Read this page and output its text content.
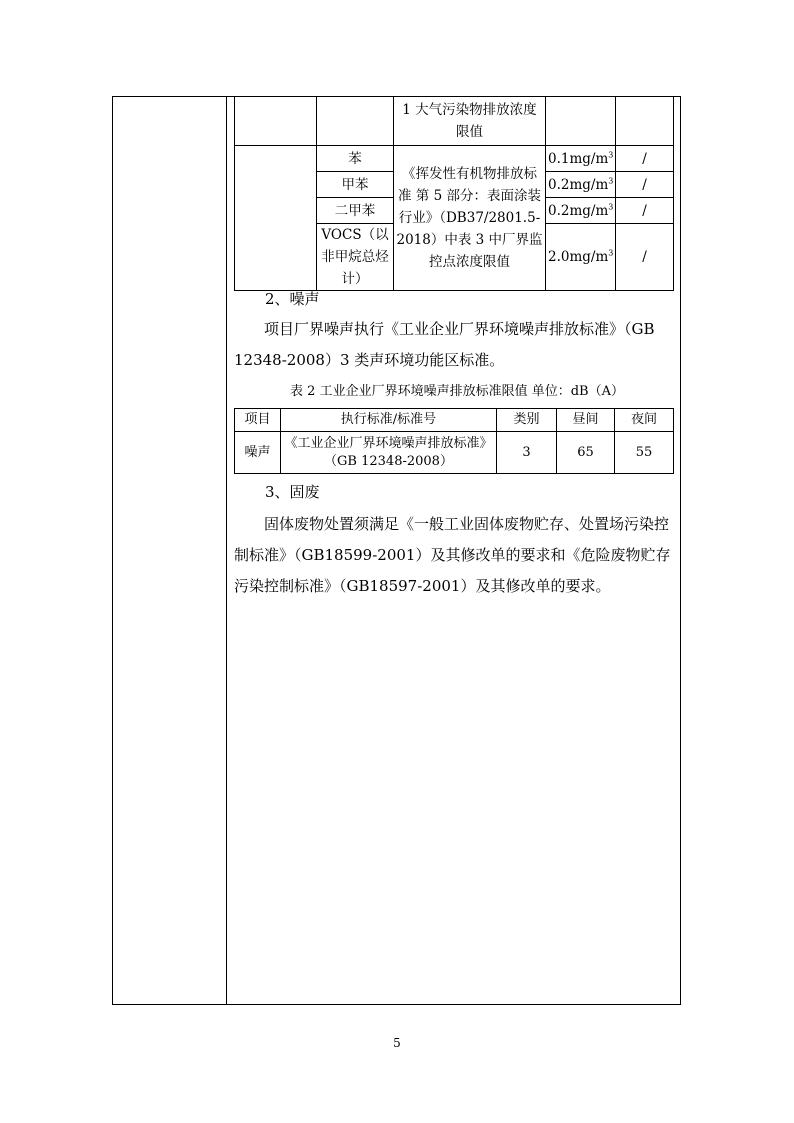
		1 大气污染物排放浓度限值		
	苯	《挥发性有机物排放标准 第 5 部分：表面涂装行业》（DB37/2801.5-2018）中表 3 中厂界监控点浓度限值	$0.1mg/m^3$	/
	甲苯		$0.2mg/m^3$	/
	二甲苯		$0.2mg/m^3$	/
	VOCS（以非甲烷总烃计）		$2.0mg/m^3$	/
2、噪声
项目厂界噪声执行《工业企业厂界环境噪声排放标准》（GB 12348-2008）3 类声环境功能区标准。
表 2 工业企业厂界环境噪声排放标准限值 单位：dB（A）
项目	执行标准/标准号	类别	昼间	夜间
噪声	《工业企业厂界环境噪声排放标准》（GB 12348-2008）	3	65	55
3、固废
固体废物处置须满足《一般工业固体废物贮存、处置场污染控制标准》（GB18599-2001）及其修改单的要求和《危险废物贮存污染控制标准》（GB18597-2001）及其修改单的要求。
5
